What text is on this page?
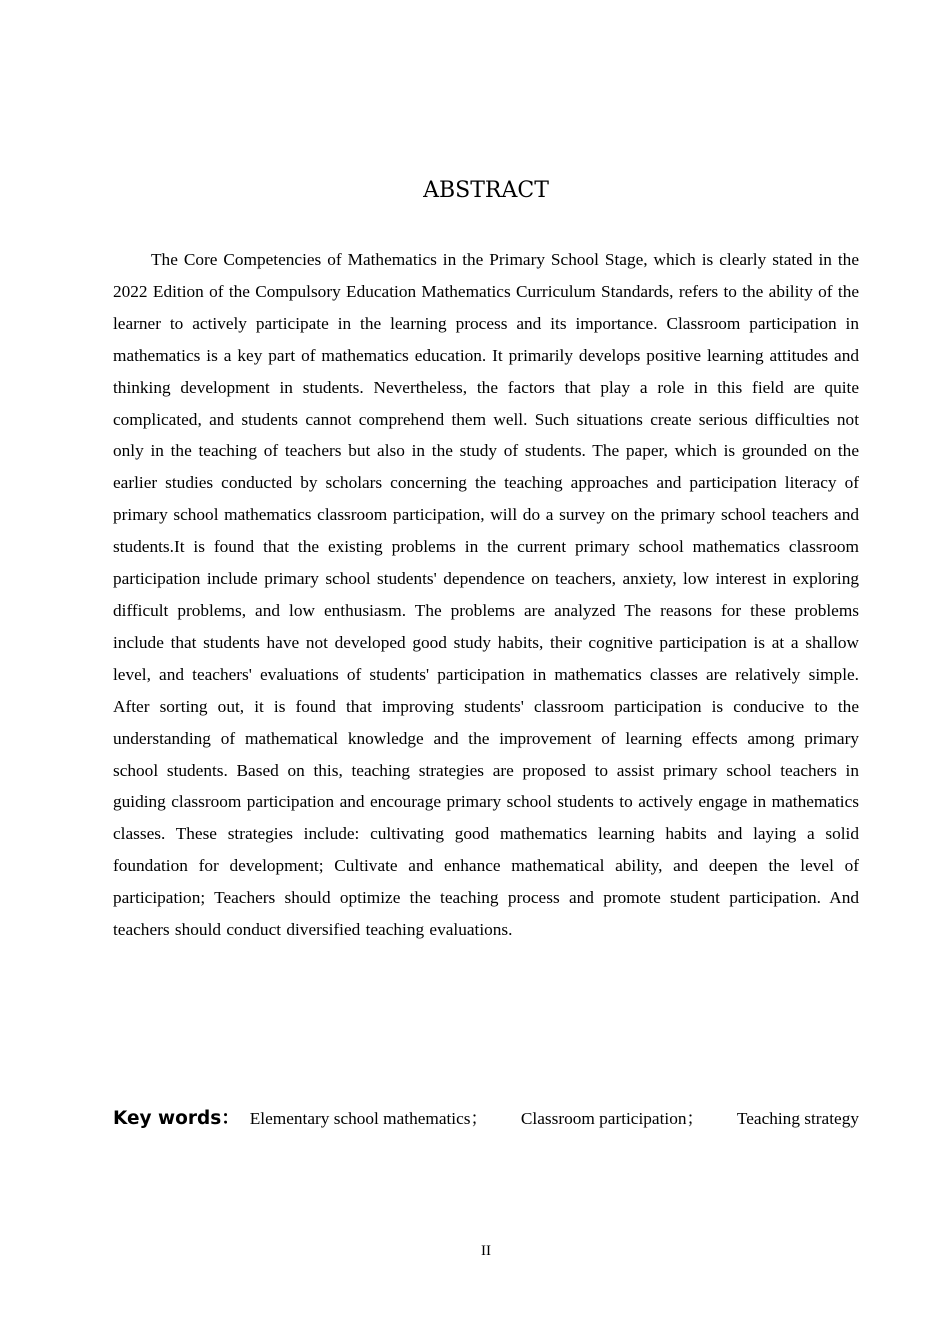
ABSTRACT

The Core Competencies of Mathematics in the Primary School Stage, which is clearly stated in the 2022 Edition of the Compulsory Education Mathematics Curriculum Standards, refers to the ability of the learner to actively participate in the learning process and its importance. Classroom participation in mathematics is a key part of mathematics education. It primarily develops positive learning attitudes and thinking development in students. Nevertheless, the factors that play a role in this field are quite complicated, and students cannot comprehend them well. Such situations create serious difficulties not only in the teaching of teachers but also in the study of students. The paper, which is grounded on the earlier studies conducted by scholars concerning the teaching approaches and participation literacy of primary school mathematics classroom participation, will do a survey on the primary school teachers and students.It is found that the existing problems in the current primary school mathematics classroom participation include primary school students' dependence on teachers, anxiety, low interest in exploring difficult problems, and low enthusiasm. The problems are analyzed The reasons for these problems include that students have not developed good study habits, their cognitive participation is at a shallow level, and teachers' evaluations of students' participation in mathematics classes are relatively simple. After sorting out, it is found that improving students' classroom participation is conducive to the understanding of mathematical knowledge and the improvement of learning effects among primary school students. Based on this, teaching strategies are proposed to assist primary school teachers in guiding classroom participation and encourage primary school students to actively engage in mathematics classes. These strategies include: cultivating good mathematics learning habits and laying a solid foundation for development; Cultivate and enhance mathematical ability, and deepen the level of participation; Teachers should optimize the teaching process and promote student participation. And teachers should conduct diversified teaching evaluations.

Key words： Elementary school mathematics； Classroom participation； Teaching strategy
II
